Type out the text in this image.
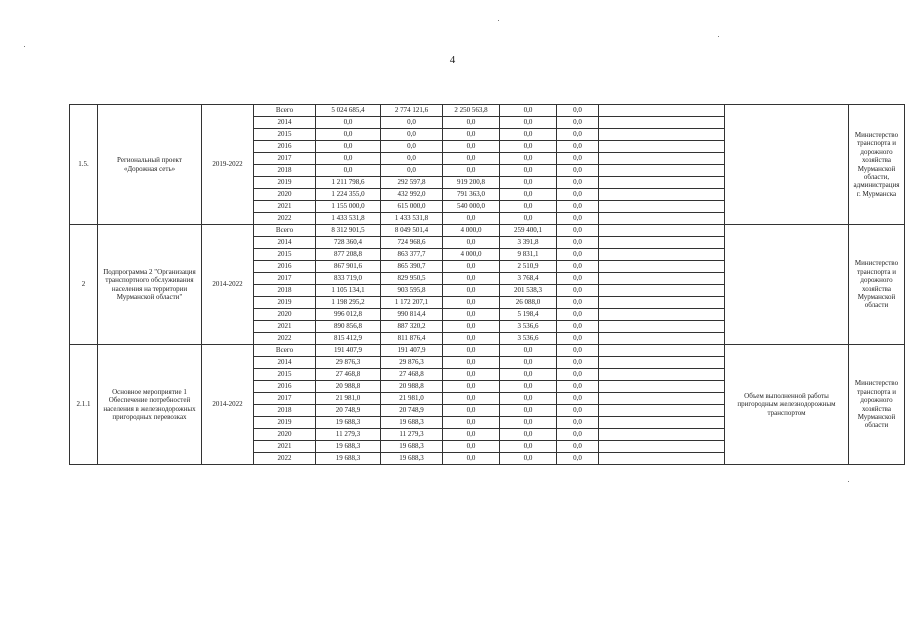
4
1.5.	Региональный проект «Дорожная сеть»	2019-2022	Всего	5 024 685,4	2 774 121,6	2 250 563,8	0,0	0,0			Министерство транспорта и дорожного хозяйства Мурманской области, администрация г. Мурманска
			2014	0,0	0,0	0,0	0,0	0,0			
			2015	0,0	0,0	0,0	0,0	0,0			
			2016	0,0	0,0	0,0	0,0	0,0			
			2017	0,0	0,0	0,0	0,0	0,0			
			2018	0,0	0,0	0,0	0,0	0,0			
			2019	1 211 798,6	292 597,8	919 200,8	0,0	0,0			
			2020	1 224 355,0	432 992,0	791 363,0	0,0	0,0			
			2021	1 155 000,0	615 000,0	540 000,0	0,0	0,0			
			2022	1 433 531,8	1 433 531,8	0,0	0,0	0,0			
2	Подпрограмма 2 "Организация транспортного обслуживания населения на территории Мурманской области"	2014-2022	Всего	8 312 901,5	8 049 501,4	4 000,0	259 400,1	0,0			Министерство транспорта и дорожного хозяйства Мурманской области
			2014	728 360,4	724 968,6	0,0	3 391,8	0,0			
			2015	877 208,8	863 377,7	4 000,0	9 831,1	0,0			
			2016	867 901,6	865 390,7	0,0	2 510,9	0,0			
			2017	833 719,0	829 950,5	0,0	3 768,4	0,0			
			2018	1 105 134,1	903 595,8	0,0	201 538,3	0,0			
			2019	1 198 295,2	1 172 207,1	0,0	26 088,0	0,0			
			2020	996 012,8	990 814,4	0,0	5 198,4	0,0			
			2021	890 856,8	887 320,2	0,0	3 536,6	0,0			
			2022	815 412,9	811 876,4	0,0	3 536,6	0,0			
2.1.1	Основное мероприятие 1 Обеспечение потребностей населения в железнодорожных пригородных перевозках	2014-2022	Всего	191 407,9	191 407,9	0,0	0,0	0,0		Объем выполненной работы пригородным железнодорожным транспортом	Министерство транспорта и дорожного хозяйства Мурманской области
			2014	29 876,3	29 876,3	0,0	0,0	0,0			
			2015	27 468,8	27 468,8	0,0	0,0	0,0			
			2016	20 988,8	20 988,8	0,0	0,0	0,0			
			2017	21 981,0	21 981,0	0,0	0,0	0,0			
			2018	20 748,9	20 748,9	0,0	0,0	0,0			
			2019	19 688,3	19 688,3	0,0	0,0	0,0			
			2020	11 279,3	11 279,3	0,0	0,0	0,0			
			2021	19 688,3	19 688,3	0,0	0,0	0,0			
			2022	19 688,3	19 688,3	0,0	0,0	0,0			
